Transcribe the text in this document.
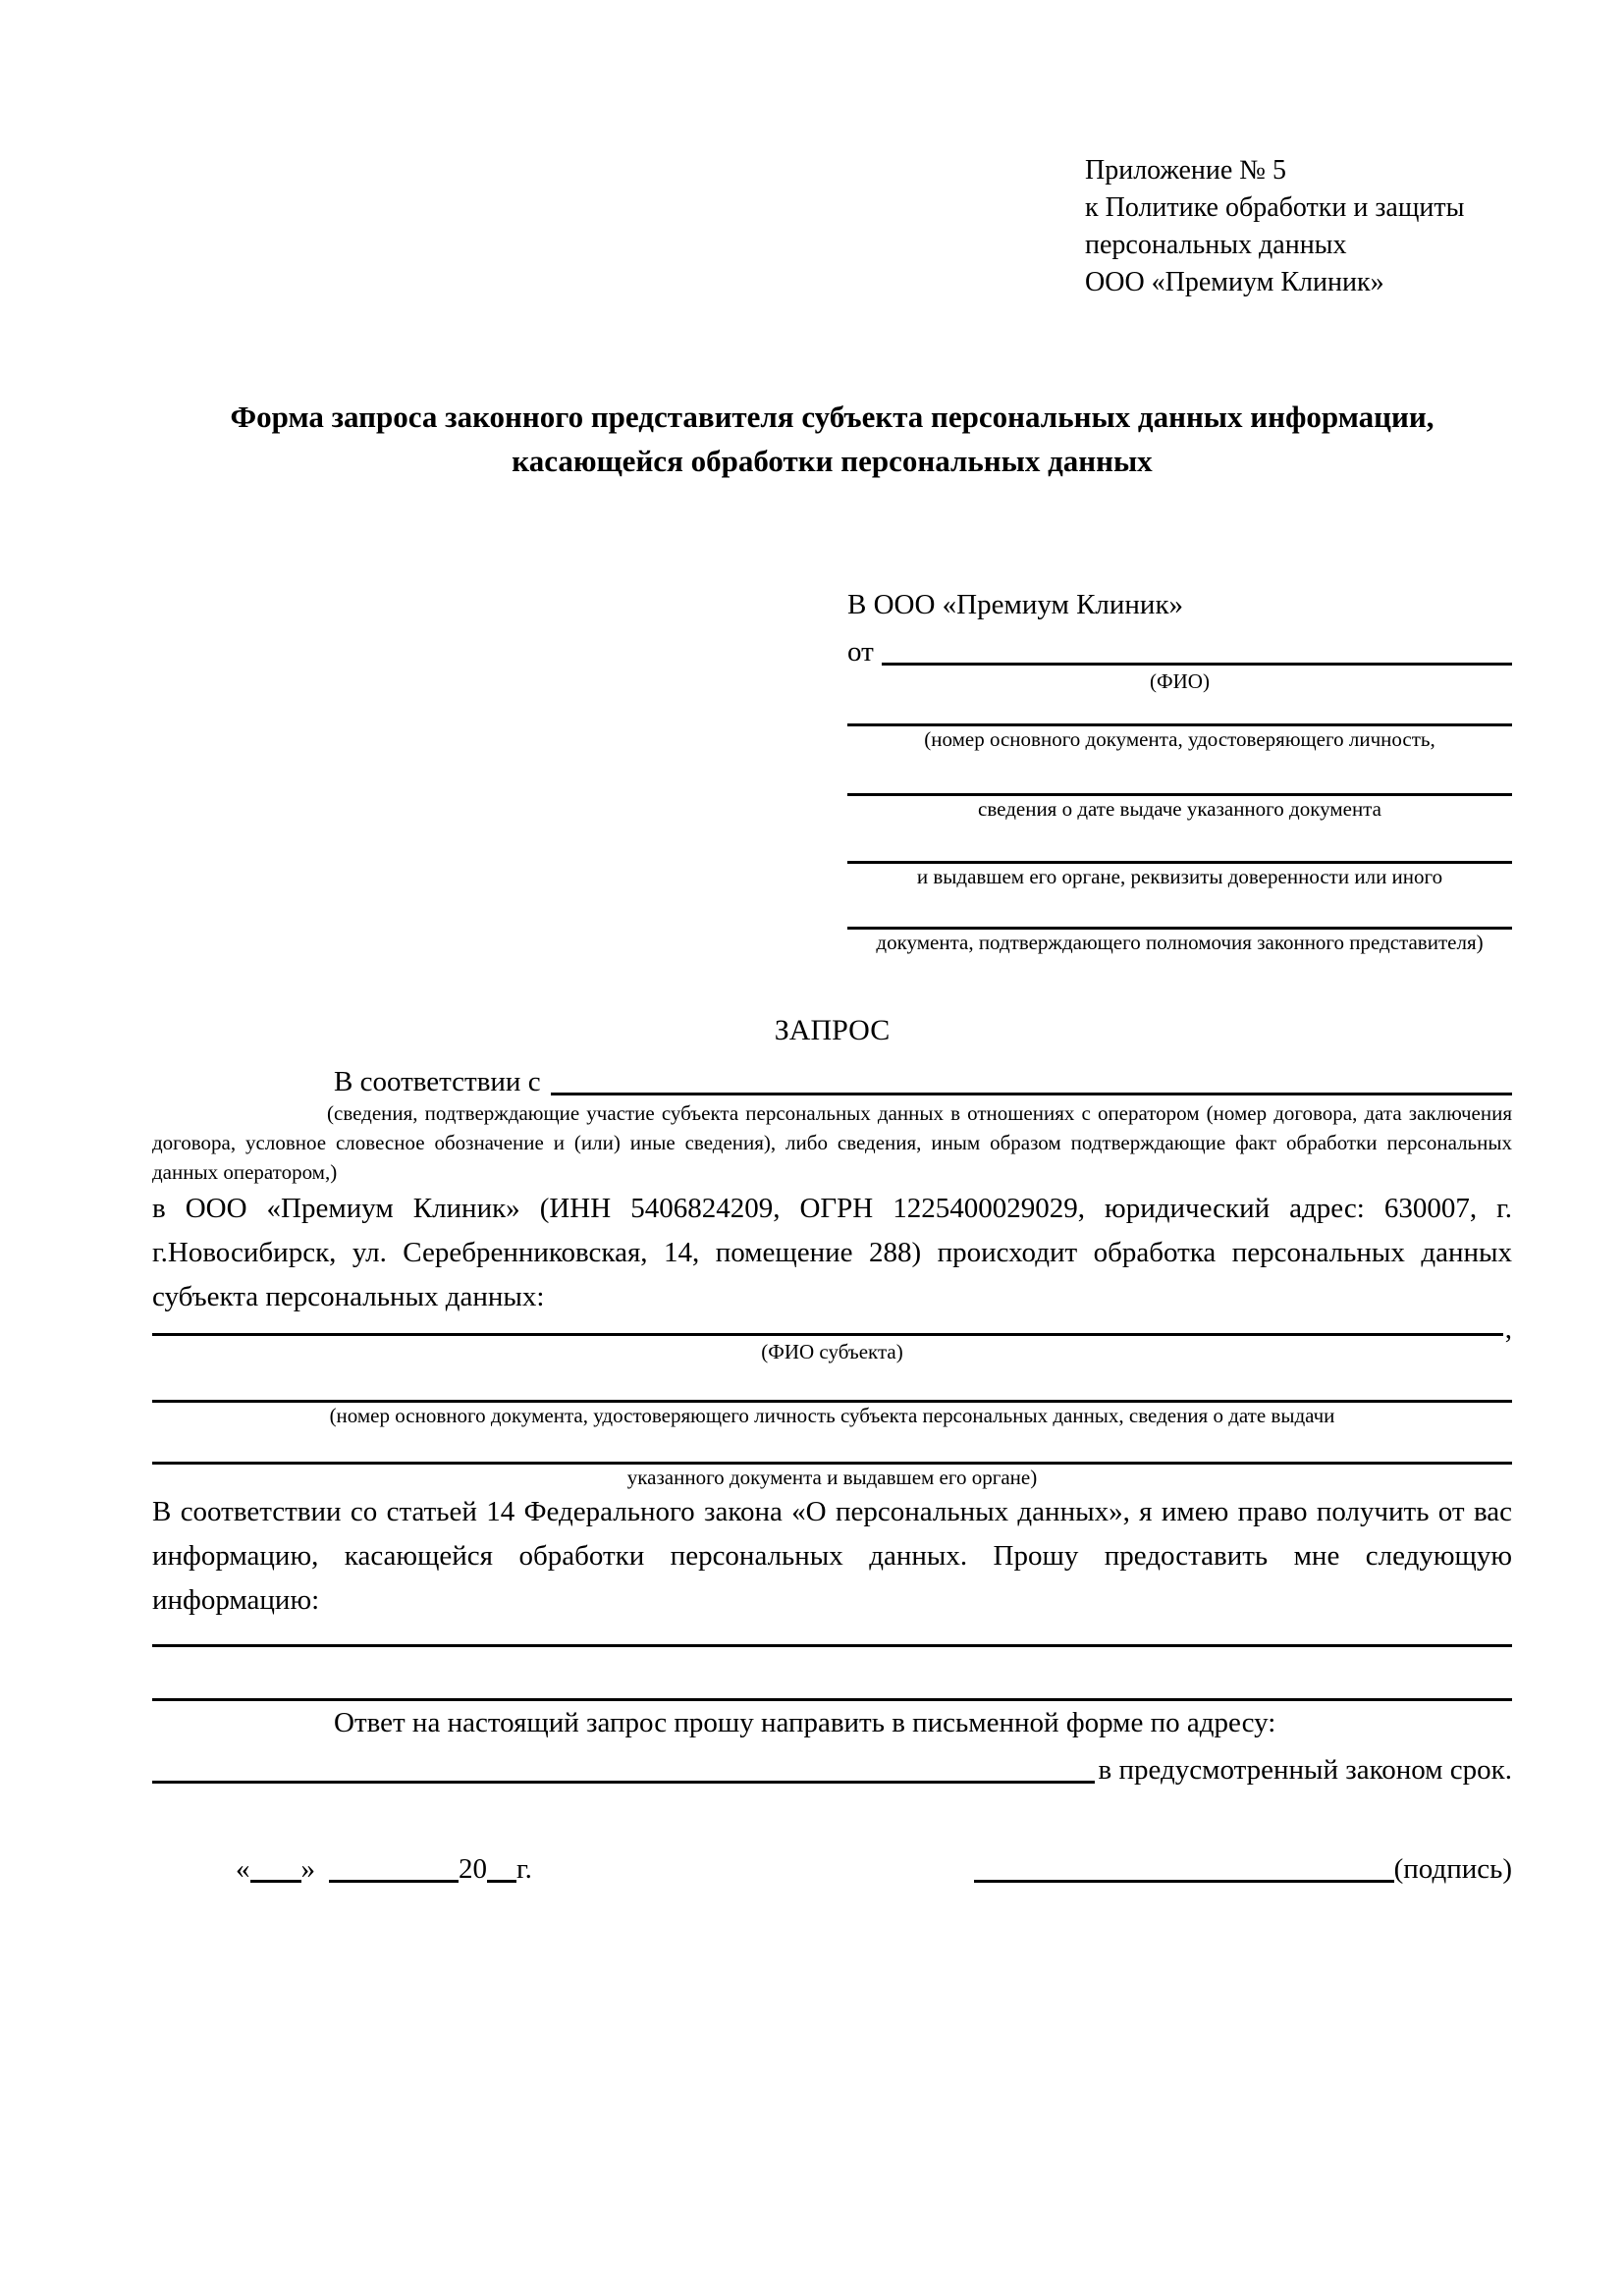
Приложение № 5
к Политике обработки и защиты
персональных данных
ООО «Премиум Клиник»
Форма запроса законного представителя субъекта персональных данных информации, касающейся обработки персональных данных
В ООО «Премиум Клиник»
от
(ФИО)
(номер основного документа, удостоверяющего личность,
сведения о дате выдаче указанного документа
и выдавшем его органе, реквизиты доверенности или иного
документа, подтверждающего полномочия законного представителя)
ЗАПРОС
В соответствии с
(сведения, подтверждающие участие субъекта персональных данных в отношениях с оператором (номер договора, дата заключения договора, условное словесное обозначение и (или) иные сведения), либо сведения, иным образом подтверждающие факт обработки персональных данных оператором,)
в ООО «Премиум Клиник» (ИНН 5406824209, ОГРН 1225400029029, юридический адрес: 630007, г. г.Новосибирск, ул. Серебренниковская, 14, помещение 288) происходит обработка персональных данных субъекта персональных данных:
,
(ФИО субъекта)
(номер основного документа, удостоверяющего личность субъекта персональных данных, сведения о дате выдачи
указанного документа и выдавшем его органе)
В соответствии со статьей 14 Федерального закона «О персональных данных», я имею право получить от вас информацию, касающейся обработки персональных данных. Прошу предоставить мне следующую информацию:
Ответ на настоящий запрос прошу направить в письменной форме по адресу:
в предусмотренный законом срок.
« »	20 г.	(подпись)
